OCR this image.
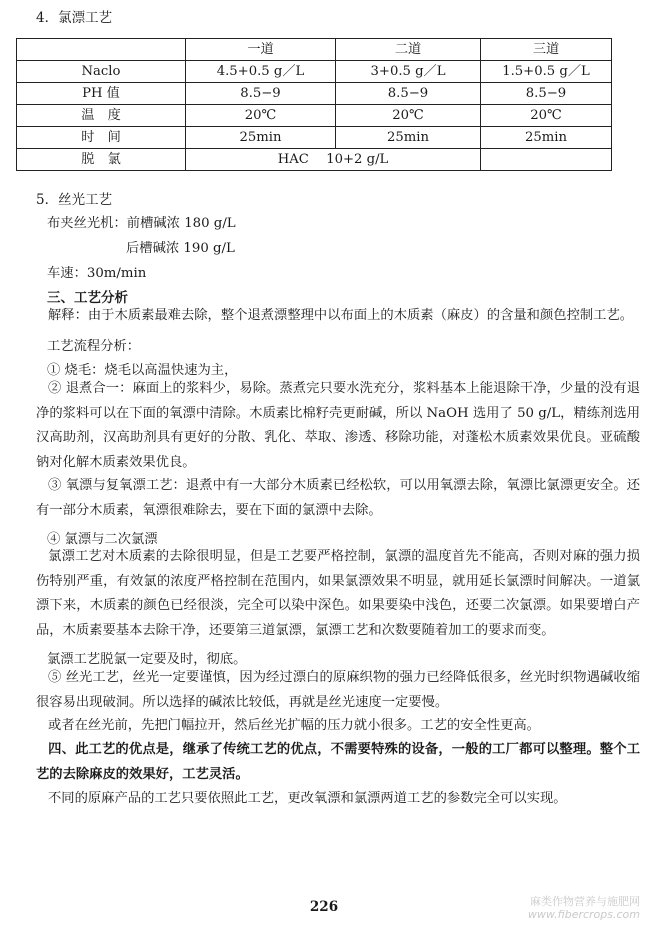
4．氯漂工艺
	一道	二道	三道
Naclo	4.5+0.5 g／L	3+0.5 g／L	1.5+0.5 g／L
PH 值	8.5−9	8.5−9	8.5−9
温　度	20℃	20℃	20℃
时　间	25min	25min	25min
脱　氯	HAC　 10+2 g/L		
5．丝光工艺
布夹丝光机：前槽碱浓 180 g/L
后槽碱浓 190 g/L
车速：30m/min
三、工艺分析
解释：由于木质素最难去除，整个退煮漂整理中以布面上的木质素（麻皮）的含量和颜色控制工艺。
工艺流程分析：
① 烧毛：烧毛以高温快速为主，
② 退煮合一：麻面上的浆料少，易除。蒸煮完只要水洗充分，浆料基本上能退除干净，少量的没有退净的浆料可以在下面的氧漂中清除。木质素比棉籽壳更耐碱，所以 NaOH 选用了 50 g/L，精练剂选用汉高助剂，汉高助剂具有更好的分散、乳化、萃取、渗透、移除功能，对蓬松木质素效果优良。亚硫酸钠对化解木质素效果优良。
③ 氧漂与复氧漂工艺：退煮中有一大部分木质素已经松软，可以用氧漂去除，氧漂比氯漂更安全。还有一部分木质素，氧漂很难除去，要在下面的氯漂中去除。
④ 氯漂与二次氯漂
氯漂工艺对木质素的去除很明显，但是工艺要严格控制，氯漂的温度首先不能高，否则对麻的强力损伤特别严重，有效氯的浓度严格控制在范围内，如果氯漂效果不明显，就用延长氯漂时间解决。一道氯漂下来，木质素的颜色已经很淡，完全可以染中深色。如果要染中浅色，还要二次氯漂。如果要增白产品，木质素要基本去除干净，还要第三道氯漂，氯漂工艺和次数要随着加工的要求而变。
氯漂工艺脱氯一定要及时，彻底。
⑤ 丝光工艺，丝光一定要谨慎，因为经过漂白的原麻织物的强力已经降低很多，丝光时织物遇碱收缩很容易出现破洞。所以选择的碱浓比较低，再就是丝光速度一定要慢。
或者在丝光前，先把门幅拉开，然后丝光扩幅的压力就小很多。工艺的安全性更高。
四、此工艺的优点是，继承了传统工艺的优点，不需要特殊的设备，一般的工厂都可以整理。整个工艺的去除麻皮的效果好，工艺灵活。
不同的原麻产品的工艺只要依照此工艺，更改氧漂和氯漂两道工艺的参数完全可以实现。
226	麻类作物营养与施肥网
www.fibercrops.com
